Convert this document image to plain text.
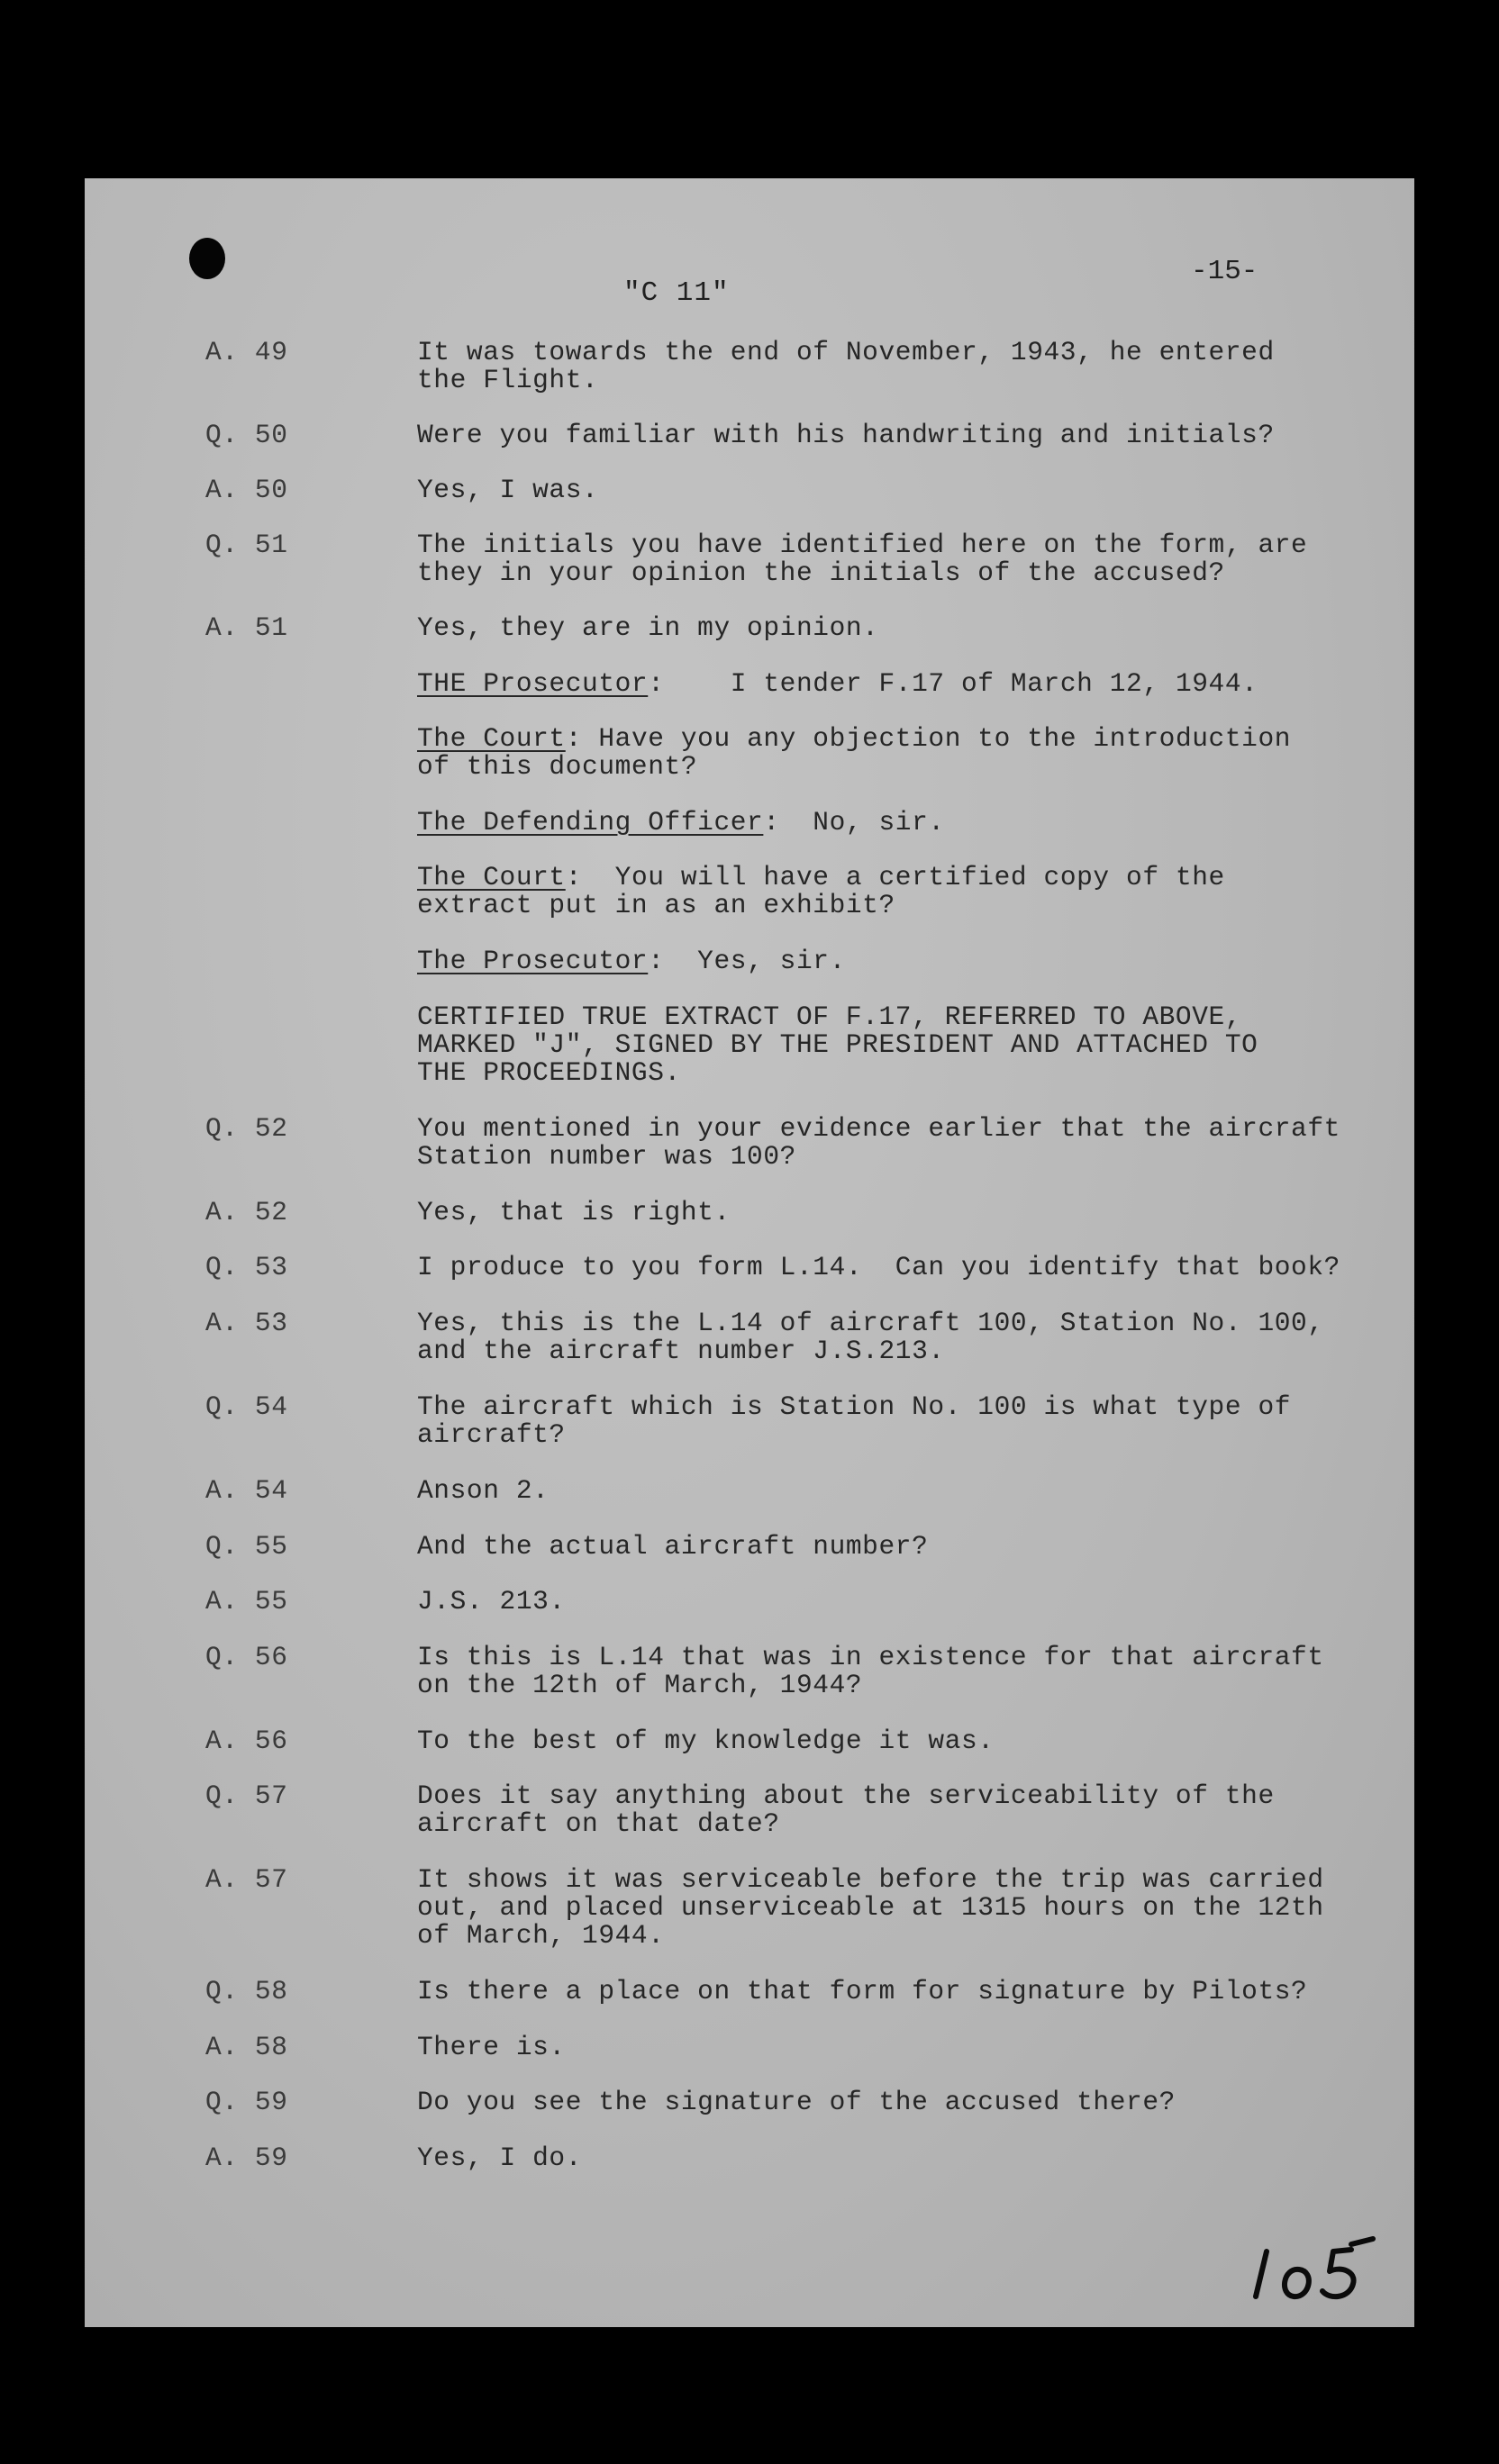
"C 11"
-15-
A. 49	It was towards the end of November, 1943, he entered
the Flight.
Q. 50	Were you familiar with his handwriting and initials?
A. 50	Yes, I was.
Q. 51	The initials you have identified here on the form, are
they in your opinion the initials of the accused?
A. 51	Yes, they are in my opinion.
THE Prosecutor:    I tender F.17 of March 12, 1944.
The Court: Have you any objection to the introduction
of this document?
The Defending Officer:  No, sir.
The Court:  You will have a certified copy of the
extract put in as an exhibit?
The Prosecutor:  Yes, sir.
CERTIFIED TRUE EXTRACT OF F.17, REFERRED TO ABOVE,
MARKED "J", SIGNED BY THE PRESIDENT AND ATTACHED TO
THE PROCEEDINGS.
Q. 52	You mentioned in your evidence earlier that the aircraft
Station number was 100?
A. 52	Yes, that is right.
Q. 53	I produce to you form L.14.  Can you identify that book?
A. 53	Yes, this is the L.14 of aircraft 100, Station No. 100,
and the aircraft number J.S.213.
Q. 54	The aircraft which is Station No. 100 is what type of
aircraft?
A. 54	Anson 2.
Q. 55	And the actual aircraft number?
A. 55	J.S. 213.
Q. 56	Is this is L.14 that was in existence for that aircraft
on the 12th of March, 1944?
A. 56	To the best of my knowledge it was.
Q. 57	Does it say anything about the serviceability of the
aircraft on that date?
A. 57	It shows it was serviceable before the trip was carried
out, and placed unserviceable at 1315 hours on the 12th
of March, 1944.
Q. 58	Is there a place on that form for signature by Pilots?
A. 58	There is.
Q. 59	Do you see the signature of the accused there?
A. 59	Yes, I do.
